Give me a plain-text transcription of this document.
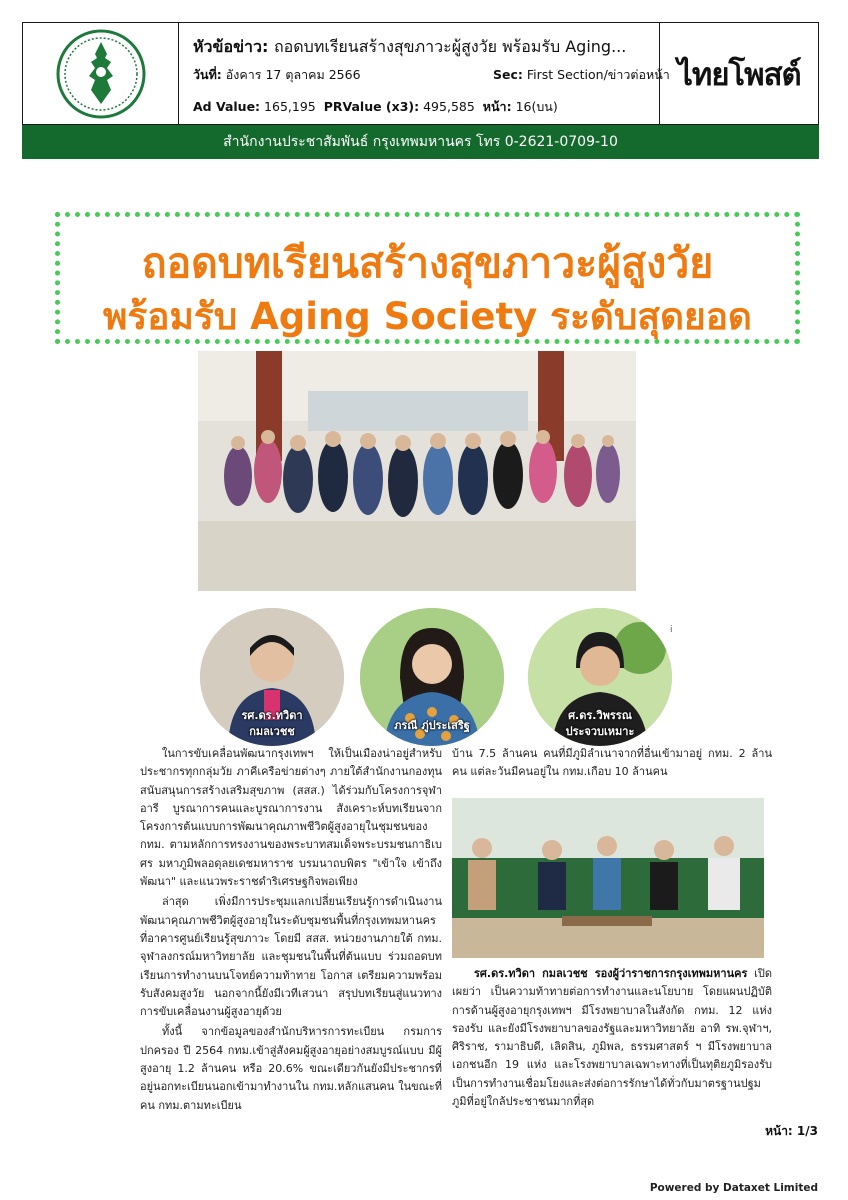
หัวข้อข่าว: ถอดบทเรียนสร้างสุขภาวะผู้สูงวัย พร้อมรับ Aging...
วันที่: อังคาร 17 ตุลาคม 2566	Sec: First Section/ข่าวต่อหน้า
Ad Value: 165,195 PRValue (x3): 495,585 หน้า: 16(บน)
ไทยโพสต์
สำนักงานประชาสัมพันธ์ กรุงเทพมหานคร โทร 0-2621-0709-10
ถอดบทเรียนสร้างสุขภาวะผู้สูงวัย
พร้อมรับ Aging Society ระดับสุดยอด
รศ.ดร.ทวิดา
กมลเวชช	ภรณี ภู่ประเสริฐ
ศ.ดร.วิพรรณ
ประจวบเหมาะ
i

ในการขับเคลื่อนพัฒนากรุงเทพฯ ให้เป็นเมืองน่าอยู่สำหรับประชากรทุกกลุ่มวัย ภาคีเครือข่ายต่างๆ ภายใต้สำนักงานกองทุนสนับสนุนการสร้างเสริมสุขภาพ (สสส.) ได้ร่วมกับโครงการจุฬาอารี บูรณาการคนและบูรณาการงาน สังเคราะห์บทเรียนจากโครงการต้นแบบการพัฒนาคุณภาพชีวิตผู้สูงอายุในชุมชนของ กทม. ตามหลักการทรงงานของพระบาทสมเด็จพระบรมชนกาธิเบศร มหาภูมิพลอดุลยเดชมหาราช บรมนาถบพิตร "เข้าใจ เข้าถึง พัฒนา" และแนวพระราชดำริเศรษฐกิจพอเพียง

ล่าสุด เพิ่งมีการประชุมแลกเปลี่ยนเรียนรู้การดำเนินงานพัฒนาคุณภาพชีวิตผู้สูงอายุในระดับชุมชนพื้นที่กรุงเทพมหานคร ที่อาคารศูนย์เรียนรู้สุขภาวะ โดยมี สสส. หน่วยงานภายใต้ กทม. จุฬาลงกรณ์มหาวิทยาลัย และชุมชนในพื้นที่ต้นแบบ ร่วมถอดบทเรียนการทำงานบนโจทย์ความท้าทาย โอกาส เตรียมความพร้อมรับสังคมสูงวัย นอกจากนี้ยังมีเวทีเสวนา สรุปบทเรียนสู่แนวทางการขับเคลื่อนงานผู้สูงอายุด้วย

ทั้งนี้ จากข้อมูลของสำนักบริหารการทะเบียน กรมการปกครอง ปี 2564 กทม.เข้าสู่สังคมผู้สูงอายุอย่างสมบูรณ์แบบ มีผู้สูงอายุ 1.2 ล้านคน หรือ 20.6% ขณะเดียวกันยังมีประชากรที่อยู่นอกทะเบียนนอกเข้ามาทำงานใน กทม.หลักแสนคน ในขณะที่คน กทม.ตามทะเบียน

บ้าน 7.5 ล้านคน คนที่มีภูมิลำเนาจากที่อื่นเข้ามาอยู่ กทม. 2 ล้านคน แต่ละวันมีคนอยู่ใน กทม.เกือบ 10 ล้านคน

รศ.ดร.ทวิดา กมลเวชช รองผู้ว่าราชการกรุงเทพมหานคร เปิดเผยว่า เป็นความท้าทายต่อการทำงานและนโยบาย โดยแผนปฏิบัติการด้านผู้สูงอายุกรุงเทพฯ มีโรงพยาบาลในสังกัด กทม. 12 แห่งรองรับ และยังมีโรงพยาบาลของรัฐและมหาวิทยาลัย อาทิ รพ.จุฬาฯ, ศิริราช, รามาธิบดี, เลิดสิน, ภูมิพล, ธรรมศาสตร์ ฯ มีโรงพยาบาลเอกชนอีก 19 แห่ง และโรงพยาบาลเฉพาะทางที่เป็นทุติยภูมิรองรับ เป็นการทำงานเชื่อมโยงและส่งต่อการรักษาได้ทั่วกับมาตรฐานปฐมภูมิที่อยู่ใกล้ประชาชนมากที่สุด

หน้า: 1/3
Powered by Dataxet Limited
